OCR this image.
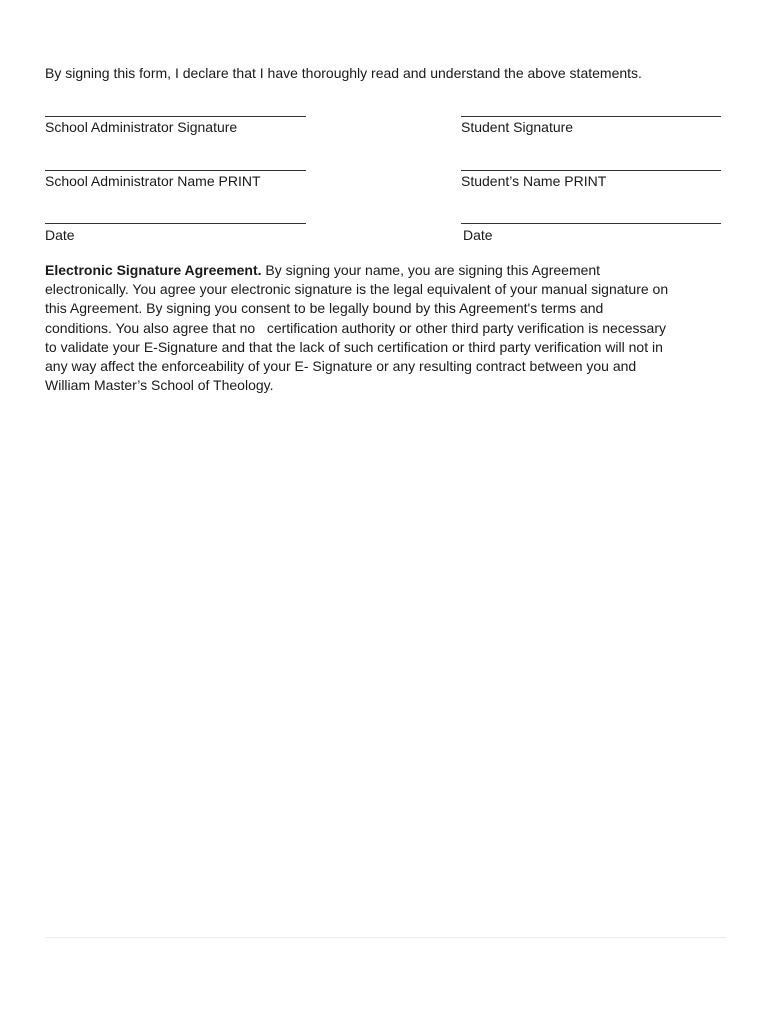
By signing this form, I declare that I have thoroughly read and understand the above statements.
School Administrator Signature	Student Signature
School Administrator Name PRINT	Student’s Name PRINT
Date	Date
Electronic Signature Agreement. By signing your name, you are signing this Agreement
electronically. You agree your electronic signature is the legal equivalent of your manual signature on
this Agreement. By signing you consent to be legally bound by this Agreement's terms and
conditions. You also agree that no   certification authority or other third party verification is necessary
to validate your E-Signature and that the lack of such certification or third party verification will not in
any way affect the enforceability of your E- Signature or any resulting contract between you and
William Master’s School of Theology.
